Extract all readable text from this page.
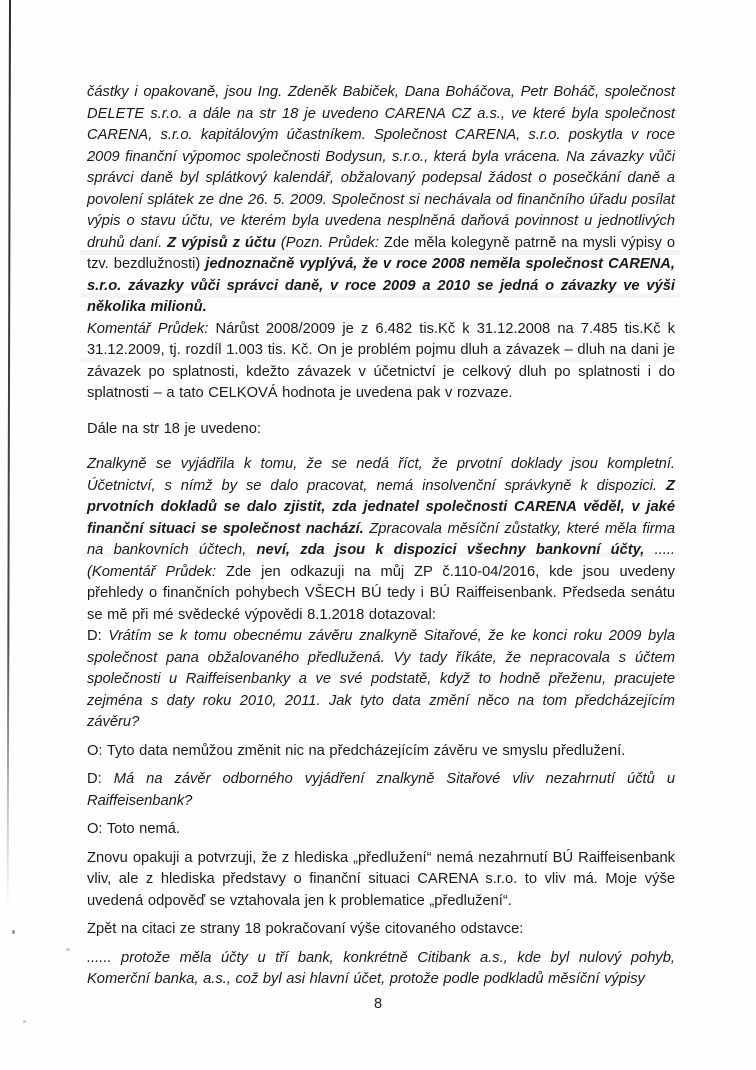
částky i opakovaně, jsou Ing. Zdeněk Babiček, Dana Boháčova, Petr Boháč, společnost DELETE s.r.o. a dále na str 18 je uvedeno CARENA CZ a.s., ve které byla společnost CARENA, s.r.o. kapitálovým účastníkem. Společnost CARENA, s.r.o. poskytla v roce 2009 finanční výpomoc společnosti Bodysun, s.r.o., která byla vrácena. Na závazky vůči správci daně byl splátkový kalendář, obžalovaný podepsal žádost o posečkání daně a povolení splátek ze dne 26. 5. 2009. Společnost si nechávala od finančního úřadu posílat výpis o stavu účtu, ve kterém byla uvedena nesplněná daňová povinnost u jednotlivých druhů daní. Z výpisů z účtu (Pozn. Průdek: Zde měla kolegyně patrně na mysli výpisy o tzv. bezdlužnosti) jednoznačně vyplývá, že v roce 2008 neměla společnost CARENA, s.r.o. závazky vůči správci daně, v roce 2009 a 2010 se jedná o závazky ve výši několika milionů.

Komentář Průdek: Nárůst 2008/2009 je z 6.482 tis.Kč k 31.12.2008 na 7.485 tis.Kč k 31.12.2009, tj. rozdíl 1.003 tis. Kč. On je problém pojmu dluh a závazek – dluh na dani je závazek po splatnosti, kdežto závazek v účetnictví je celkový dluh po splatnosti i do splatnosti – a tato CELKOVÁ hodnota je uvedena pak v rozvaze.

Dále na str 18 je uvedeno:

Znalkyně se vyjádřila k tomu, že se nedá říct, že prvotní doklady jsou kompletní. Účetnictví, s nímž by se dalo pracovat, nemá insolvenční správkyně k dispozici. Z prvotních dokladů se dalo zjistit, zda jednatel společnosti CARENA věděl, v jaké finanční situaci se společnost nachází. Zpracovala měsíční zůstatky, které měla firma na bankovních účtech, neví, zda jsou k dispozici všechny bankovní účty, .....(Komentář Průdek: Zde jen odkazuji na můj ZP č.110-04/2016, kde jsou uvedeny přehledy o finančních pohybech VŠECH BÚ tedy i BÚ Raiffeisenbank. Předseda senátu se mě při mé svědecké výpovědi 8.1.2018 dotazoval:

D: Vrátím se k tomu obecnému závěru znalkyně Sitařové, že ke konci roku 2009 byla společnost pana obžalovaného předlužená. Vy tady říkáte, že nepracovala s účtem společnosti u Raiffeisenbanky a ve své podstatě, když to hodně přeženu, pracujete zejména s daty roku 2010, 2011. Jak tyto data změní něco na tom předcházejícím závěru?

O: Tyto data nemůžou změnit nic na předcházejícím závěru ve smyslu předlužení.

D: Má na závěr odborného vyjádření znalkyně Sitařové vliv nezahrnutí účtů u Raiffeisenbank?

O: Toto nemá.

Znovu opakuji a potvrzuji, že z hlediska „předlužení“ nemá nezahrnutí BÚ Raiffeisenbank vliv, ale z hlediska představy o finanční situaci CARENA s.r.o. to vliv má. Moje výše uvedená odpověď se vztahovala jen k problematice „předlužení“.

Zpět na citaci ze strany 18 pokračovaní výše citovaného odstavce:

...... protože měla účty u tří bank, konkrétně Citibank a.s., kde byl nulový pohyb, Komerční banka, a.s., což byl asi hlavní účet, protože podle podkladů měsíční výpisy

8
